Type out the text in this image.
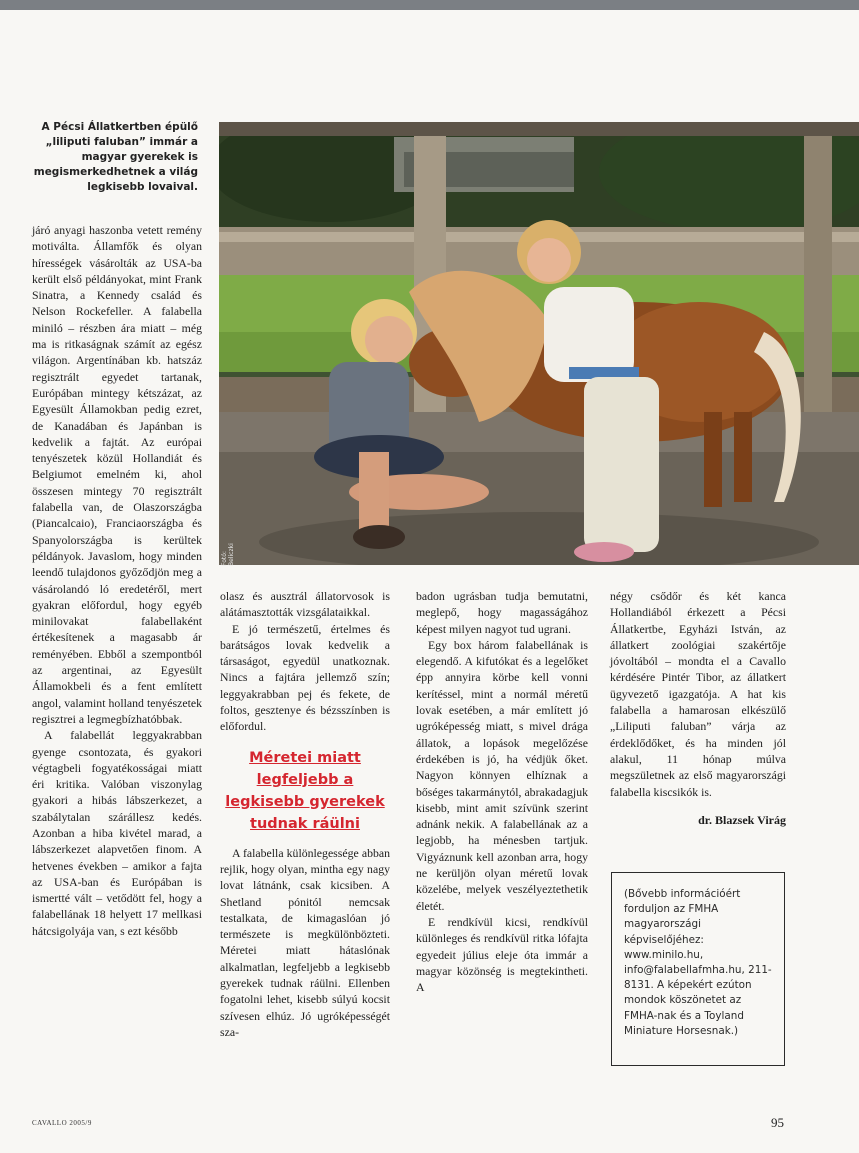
A Pécsi Állatkertben épülő „liliputi faluban” immár a magyar gyerekek is megismerkedhetnek a világ legkisebb lovaival.
Fotó: Beliczki

járó anyagi haszonba vetett remény motiválta. Államfők és olyan hírességek vásárolták az USA-ba került első példányokat, mint Frank Sinatra, a Kennedy család és Nelson Rockefeller. A falabella miniló – részben ára miatt – még ma is ritkaságnak számít az egész világon. Argentínában kb. hatszáz regisztrált egyedet tartanak, Európában mintegy kétszázat, az Egyesült Államokban pedig ezret, de Kanadában és Japánban is kedvelik a fajtát. Az európai tenyészetek közül Hollandiát és Belgiumot emelném ki, ahol összesen mintegy 70 regisztrált falabella van, de Olaszországba (Piancalcaio), Franciaországba és Spanyolországba is kerültek példányok. Javaslom, hogy minden leendő tulajdonos győződjön meg a vásárolandó ló eredetéről, mert gyakran előfordul, hogy egyéb minilovakat falabellaként értékesítenek a magasabb ár reményében. Ebből a szempontból az argentinai, az Egyesült Államokbeli és a fent említett angol, valamint holland tenyészetek regisztrei a legmegbízhatóbbak.

A falabellát leggyakrabban gyenge csontozata, és gyakori végtagbeli fogyatékosságai miatt éri kritika. Valóban viszonylag gyakori a hibás lábszerkezet, a szabálytalan szárállesz kedés. Azonban a hiba kivétel marad, a lábszerkezet alapvetően finom. A hetvenes években – amikor a fajta az USA-ban és Európában is ismertté vált – vetődött fel, hogy a falabellának 18 helyett 17 mellkasi hátcsigolyája van, s ezt később

olasz és ausztrál állatorvosok is alátámasztották vizsgálataikkal.

E jó természetű, értelmes és barátságos lovak kedvelik a társaságot, egyedül unatkoznak. Nincs a fajtára jellemző szín; leggyakrabban pej és fekete, de foltos, gesztenye és bézsszínben is előfordul.

Méretei miatt legfeljebb a legkisebb gyerekek tudnak ráülni

A falabella különlegessége abban rejlik, hogy olyan, mintha egy nagy lovat látnánk, csak kicsiben. A Shetland pónitól nemcsak testalkata, de kimagaslóan jó természete is megkülönbözteti. Méretei miatt hátaslónak alkalmatlan, legfeljebb a legkisebb gyerekek tudnak ráülni. Ellenben fogatolni lehet, kisebb súlyú kocsit szívesen elhúz. Jó ugróképességét sza-

badon ugrásban tudja bemutatni, meglepő, hogy magasságához képest milyen nagyot tud ugrani.

Egy box három falabellának is elegendő. A kifutókat és a legelőket épp annyira körbe kell vonni kerítéssel, mint a normál méretű lovak esetében, a már említett jó ugróképesség miatt, s mivel drága állatok, a lopások megelőzése érdekében is jó, ha védjük őket. Nagyon könnyen elhíznak a bőséges takarmánytól, abrakadagjuk kisebb, mint amit szívünk szerint adnánk nekik. A falabellának az a legjobb, ha ménesben tartjuk. Vigyáznunk kell azonban arra, hogy ne kerüljön olyan méretű lovak közelébe, melyek veszélyeztethetik életét.

E rendkívül kicsi, rendkívül különleges és rendkívül ritka lófajta egyedeit július eleje óta immár a magyar közönség is megtekintheti. A

négy csődőr és két kanca Hollandiából érkezett a Pécsi Állatkertbe, Egyházi István, az állatkert zoológiai szakértője jóvoltából – mondta el a Cavallo kérdésére Pintér Tibor, az állatkert ügyvezető igazgatója. A hat kis falabella a hamarosan elkészülő „Liliputi faluban” várja az érdeklődőket, és ha minden jól alakul, 11 hónap múlva megszületnek az első magyarországi falabella kiscsikók is.

dr. Blazsek Virág
(Bővebb információért forduljon az FMHA magyarországi képviselőjéhez: www.minilo.hu, info@falabellafmha.hu, 211-8131. A képekért ezúton mondok köszönetet az FMHA-nak és a Toyland Miniature Horsesnak.)
CAVALLO 2005/9	95
